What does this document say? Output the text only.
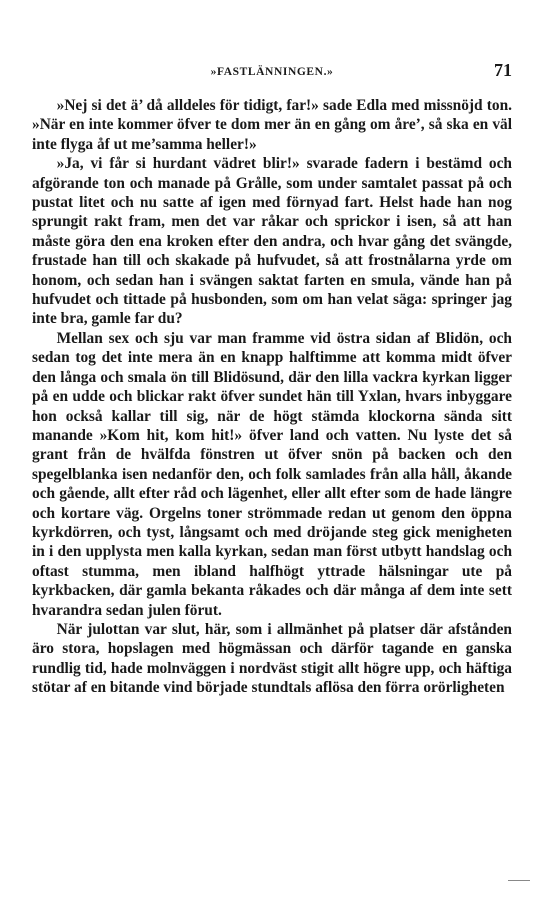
»FASTLÄNNINGEN.»	71

»Nej si det ä’ då alldeles för tidigt, far!» sade Edla med missnöjd ton. »När en inte kommer öfver te dom mer än en gång om åre’, så ska en väl inte flyga åf ut me’samma heller!»

»Ja, vi får si hurdant vädret blir!» svarade fadern i bestämd och afgörande ton och manade på Grålle, som under samtalet passat på och pustat litet och nu satte af igen med förnyad fart. Helst hade han nog sprungit rakt fram, men det var råkar och sprickor i isen, så att han måste göra den ena kroken efter den andra, och hvar gång det svängde, frustade han till och skakade på hufvudet, så att frostnålarna yrde om honom, och sedan han i svängen saktat farten en smula, vände han på hufvudet och tittade på husbonden, som om han velat säga: springer jag inte bra, gamle far du?

Mellan sex och sju var man framme vid östra sidan af Blidön, och sedan tog det inte mera än en knapp halftimme att komma midt öfver den långa och smala ön till Blidösund, där den lilla vackra kyrkan ligger på en udde och blickar rakt öfver sundet hän till Yxlan, hvars inbyggare hon också kallar till sig, när de högt stämda klockorna sända sitt manande »Kom hit, kom hit!» öfver land och vatten. Nu lyste det så grant från de hvälfda fönstren ut öfver snön på backen och den spegelblanka isen nedanför den, och folk samlades från alla håll, åkande och gående, allt efter råd och lägenhet, eller allt efter som de hade längre och kortare väg. Orgelns toner strömmade redan ut genom den öppna kyrkdörren, och tyst, långsamt och med dröjande steg gick menigheten in i den upplysta men kalla kyrkan, sedan man först utbytt handslag och oftast stumma, men ibland halfhögt yttrade hälsningar ute på kyrkbacken, där gamla bekanta råkades och där många af dem inte sett hvarandra sedan julen förut.

När julottan var slut, här, som i allmänhet på platser där afstånden äro stora, hopslagen med högmässan och därför tagande en ganska rundlig tid, hade molnväggen i nordväst stigit allt högre upp, och häftiga stötar af en bitande vind började stundtals aflösa den förra orörligheten
